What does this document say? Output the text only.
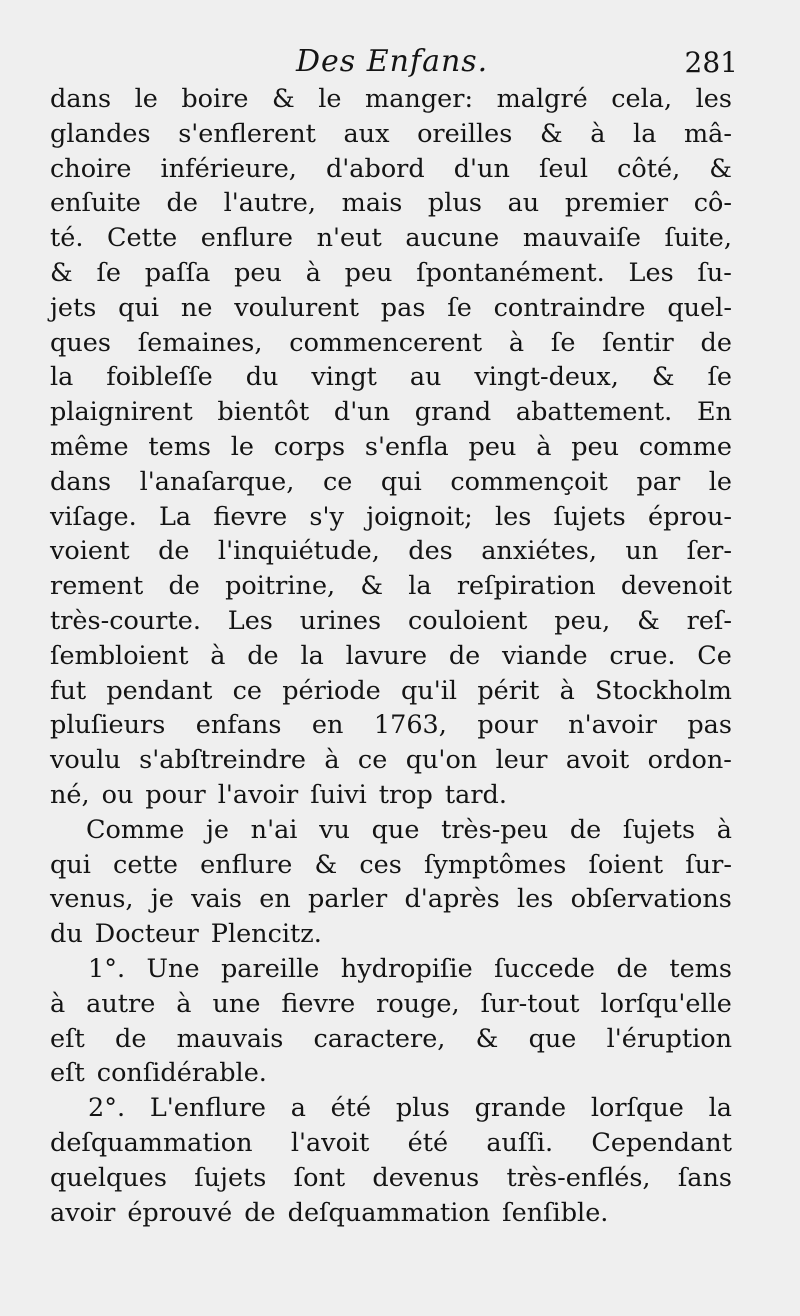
Des Enfans.	281
dans le boire & le manger: malgré cela, les
glandes s'enflerent aux oreilles & à la mâ-
choire inférieure, d'abord d'un ſeul côté, &
enſuite de l'autre, mais plus au premier cô-
té. Cette enflure n'eut aucune mauvaiſe ſuite,
& ſe paſſa peu à peu ſpontanément. Les ſu-
jets qui ne voulurent pas ſe contraindre quel-
ques ſemaines, commencerent à ſe ſentir de
la foibleſſe du vingt au vingt-deux, & ſe
plaignirent bientôt d'un grand abattement. En
même tems le corps s'enfla peu à peu comme
dans l'anaſarque, ce qui commençoit par le
viſage. La fievre s'y joignoit; les ſujets éprou-
voient de l'inquiétude, des anxiétes, un ſer-
rement de poitrine, & la reſpiration devenoit
très-courte. Les urines couloient peu, & reſ-
ſembloient à de la lavure de viande crue. Ce
fut pendant ce période qu'il périt à Stockholm
pluſieurs enfans en 1763, pour n'avoir pas
voulu s'abſtreindre à ce qu'on leur avoit ordon-
né, ou pour l'avoir ſuivi trop tard.
Comme je n'ai vu que très-peu de ſujets à
qui cette enflure & ces ſymptômes ſoient ſur-
venus, je vais en parler d'après les obſervations
du Docteur Plencitz.
1°. Une pareille hydropiſie ſuccede de tems
à autre à une fievre rouge, ſur-tout lorſqu'elle
eſt de mauvais caractere, & que l'éruption
eſt conſidérable.
2°. L'enflure a été plus grande lorſque la
deſquammation l'avoit été auſſi. Cependant
quelques ſujets ſont devenus très-enflés, ſans
avoir éprouvé de deſquammation ſenſible.
